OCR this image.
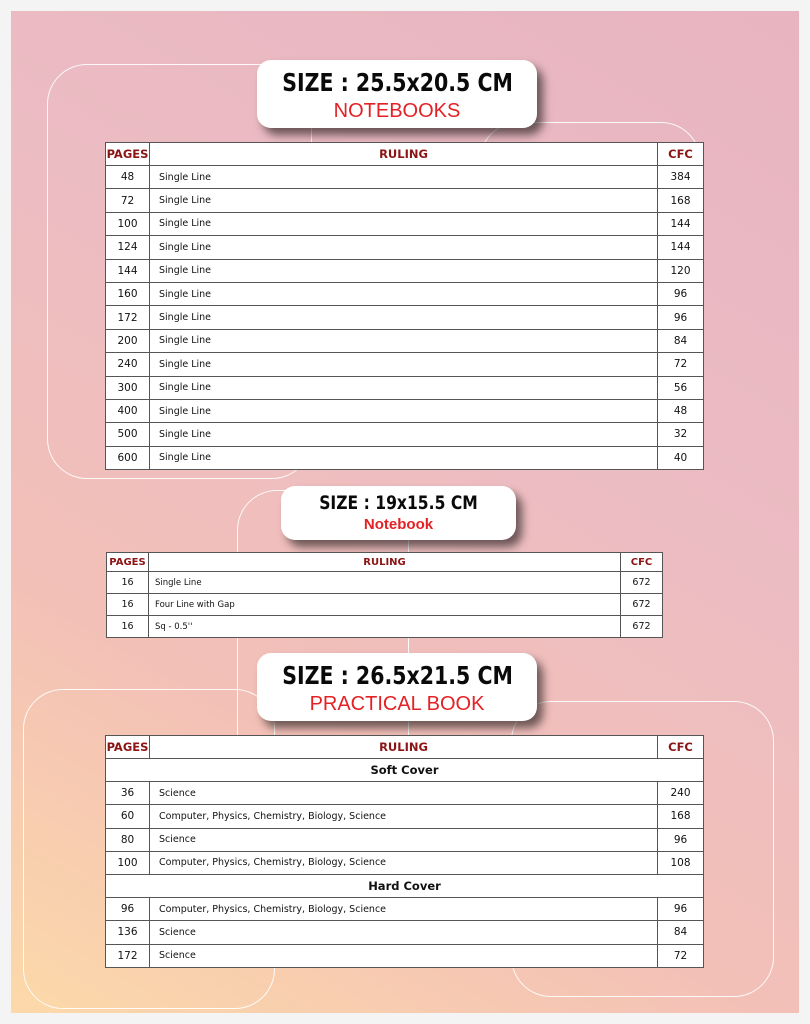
SIZE : 25.5x20.5 CM
NOTEBOOKS
PAGES	RULING	CFC
48	Single Line	384
72	Single Line	168
100	Single Line	144
124	Single Line	144
144	Single Line	120
160	Single Line	96
172	Single Line	96
200	Single Line	84
240	Single Line	72
300	Single Line	56
400	Single Line	48
500	Single Line	32
600	Single Line	40
SIZE : 19x15.5 CM
Notebook
PAGES	RULING	CFC
16	Single Line	672
16	Four Line with Gap	672
16	Sq - 0.5''	672
SIZE : 26.5x21.5 CM
PRACTICAL BOOK
PAGES	RULING	CFC
Soft Cover		
36	Science	240
60	Computer, Physics, Chemistry, Biology, Science	168
80	Science	96
100	Computer, Physics, Chemistry, Biology, Science	108
Hard Cover		
96	Computer, Physics, Chemistry, Biology, Science	96
136	Science	84
172	Science	72
